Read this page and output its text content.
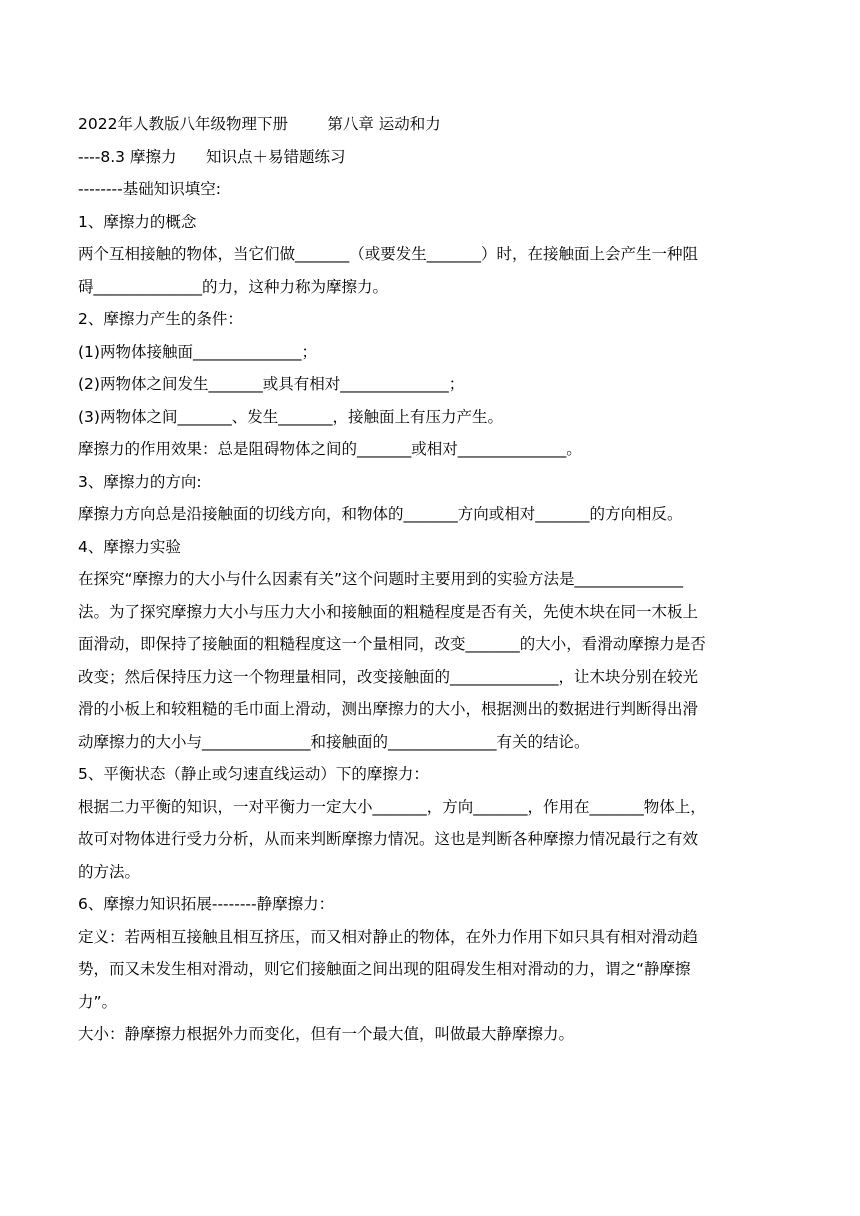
2022年人教版八年级物理下册        第八章 运动和力
----8.3 摩擦力      知识点＋易错题练习
--------基础知识填空:
1、摩擦力的概念
两个互相接触的物体，当它们做_______（或要发生_______）时，在接触面上会产生一种阻
碍______________的力，这种力称为摩擦力。
2、摩擦力产生的条件：
(1)两物体接触面______________；
(2)两物体之间发生_______或具有相对______________；
(3)两物体之间_______、发生_______，接触面上有压力产生。
摩擦力的作用效果：总是阻碍物体之间的_______或相对______________。
3、摩擦力的方向:
摩擦力方向总是沿接触面的切线方向，和物体的_______方向或相对_______的方向相反。
4、摩擦力实验
在探究“摩擦力的大小与什么因素有关”这个问题时主要用到的实验方法是______________
法。为了探究摩擦力大小与压力大小和接触面的粗糙程度是否有关，先使木块在同一木板上
面滑动，即保持了接触面的粗糙程度这一个量相同，改变_______的大小，看滑动摩擦力是否
改变；然后保持压力这一个物理量相同，改变接触面的______________，让木块分别在较光
滑的小板上和较粗糙的毛巾面上滑动，测出摩擦力的大小，根据测出的数据进行判断得出滑
动摩擦力的大小与______________和接触面的______________有关的结论。
5、平衡状态（静止或匀速直线运动）下的摩擦力：
根据二力平衡的知识，一对平衡力一定大小_______，方向_______，作用在_______物体上，
故可对物体进行受力分析，从而来判断摩擦力情况。这也是判断各种摩擦力情况最行之有效
的方法。
6、摩擦力知识拓展--------静摩擦力：
定义：若两相互接触且相互挤压，而又相对静止的物体，在外力作用下如只具有相对滑动趋
势，而又未发生相对滑动，则它们接触面之间出现的阻碍发生相对滑动的力，谓之“静摩擦
力”。
大小：静摩擦力根据外力而变化，但有一个最大值，叫做最大静摩擦力。
